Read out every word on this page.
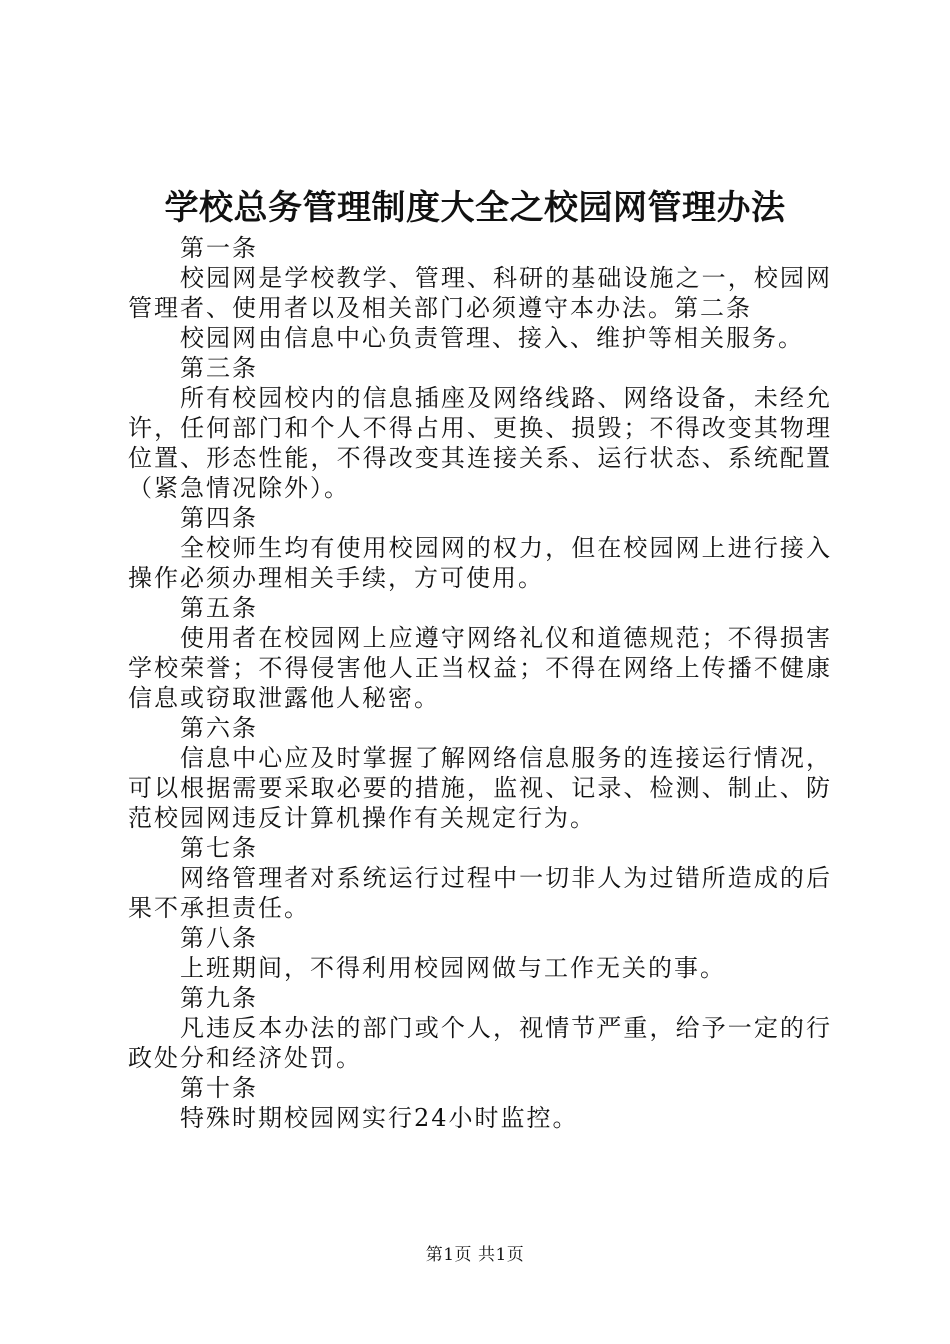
学校总务管理制度大全之校园网管理办法

第一条

校园网是学校教学、管理、科研的基础设施之一，校园网管理者、使用者以及相关部门必须遵守本办法。第二条

校园网由信息中心负责管理、接入、维护等相关服务。

第三条

所有校园校内的信息插座及网络线路、网络设备，未经允许，任何部门和个人不得占用、更换、损毁；不得改变其物理位置、形态性能，不得改变其连接关系、运行状态、系统配置（紧急情况除外）。

第四条

全校师生均有使用校园网的权力，但在校园网上进行接入操作必须办理相关手续，方可使用。

第五条

使用者在校园网上应遵守网络礼仪和道德规范；不得损害学校荣誉；不得侵害他人正当权益；不得在网络上传播不健康信息或窃取泄露他人秘密。

第六条

信息中心应及时掌握了解网络信息服务的连接运行情况，可以根据需要采取必要的措施，监视、记录、检测、制止、防范校园网违反计算机操作有关规定行为。

第七条

网络管理者对系统运行过程中一切非人为过错所造成的后果不承担责任。

第八条

上班期间，不得利用校园网做与工作无关的事。

第九条

凡违反本办法的部门或个人，视情节严重，给予一定的行政处分和经济处罚。

第十条

特殊时期校园网实行24小时监控。

第1页 共1页
